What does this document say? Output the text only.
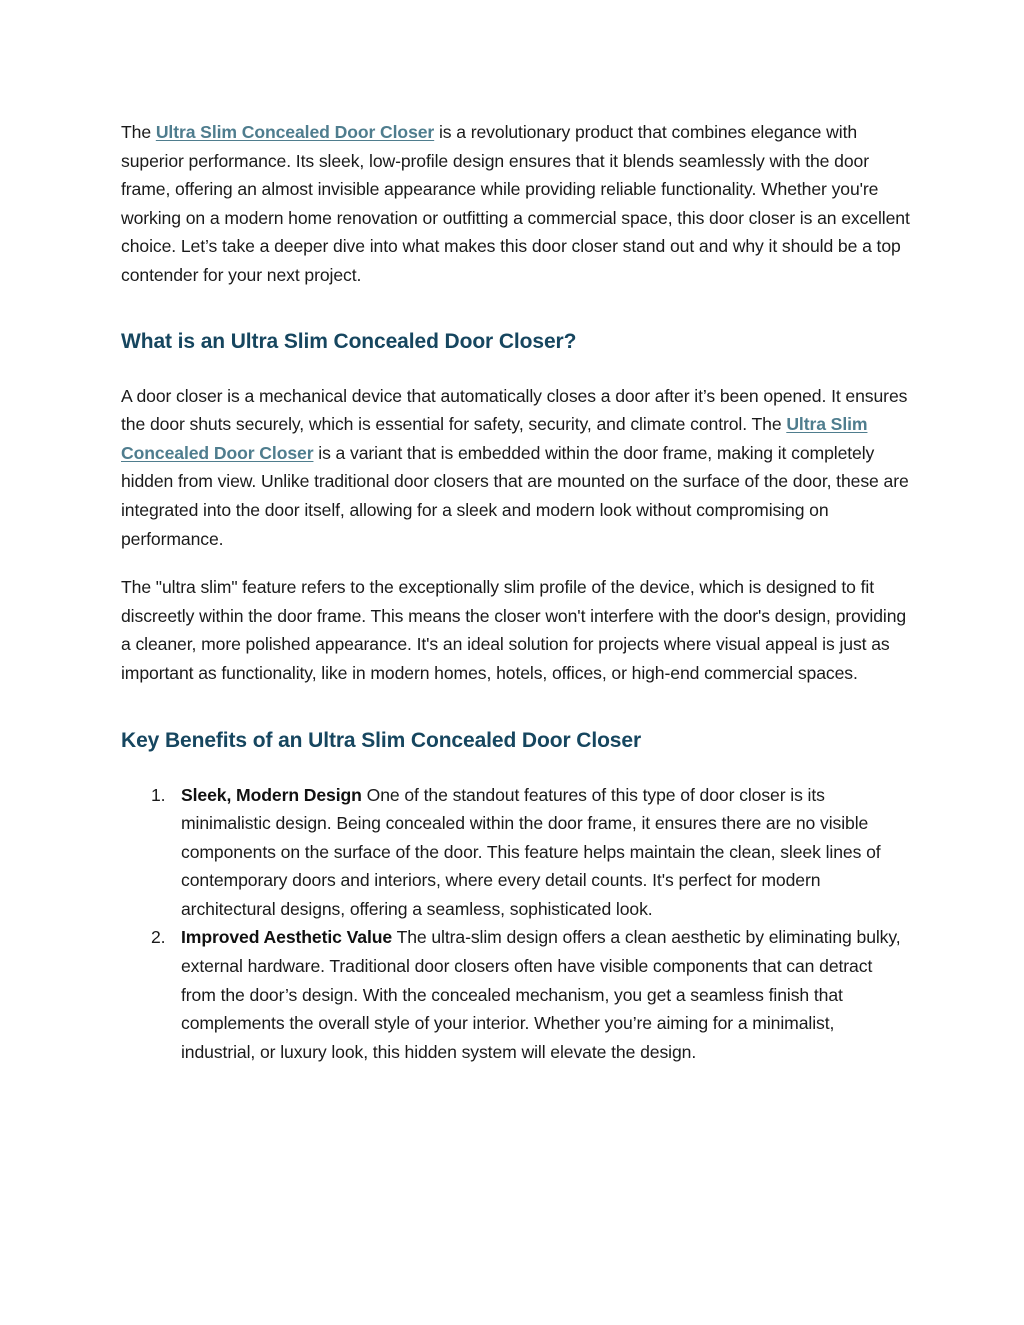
The Ultra Slim Concealed Door Closer is a revolutionary product that combines elegance with superior performance. Its sleek, low-profile design ensures that it blends seamlessly with the door frame, offering an almost invisible appearance while providing reliable functionality. Whether you're working on a modern home renovation or outfitting a commercial space, this door closer is an excellent choice. Let’s take a deeper dive into what makes this door closer stand out and why it should be a top contender for your next project.

What is an Ultra Slim Concealed Door Closer?

A door closer is a mechanical device that automatically closes a door after it’s been opened. It ensures the door shuts securely, which is essential for safety, security, and climate control. The Ultra Slim Concealed Door Closer is a variant that is embedded within the door frame, making it completely hidden from view. Unlike traditional door closers that are mounted on the surface of the door, these are integrated into the door itself, allowing for a sleek and modern look without compromising on performance.

The "ultra slim" feature refers to the exceptionally slim profile of the device, which is designed to fit discreetly within the door frame. This means the closer won't interfere with the door's design, providing a cleaner, more polished appearance. It's an ideal solution for projects where visual appeal is just as important as functionality, like in modern homes, hotels, offices, or high-end commercial spaces.

Key Benefits of an Ultra Slim Concealed Door Closer
1. Sleek, Modern Design One of the standout features of this type of door closer is its minimalistic design. Being concealed within the door frame, it ensures there are no visible components on the surface of the door. This feature helps maintain the clean, sleek lines of contemporary doors and interiors, where every detail counts. It's perfect for modern architectural designs, offering a seamless, sophisticated look.
2. Improved Aesthetic Value The ultra-slim design offers a clean aesthetic by eliminating bulky, external hardware. Traditional door closers often have visible components that can detract from the door’s design. With the concealed mechanism, you get a seamless finish that complements the overall style of your interior. Whether you’re aiming for a minimalist, industrial, or luxury look, this hidden system will elevate the design.
